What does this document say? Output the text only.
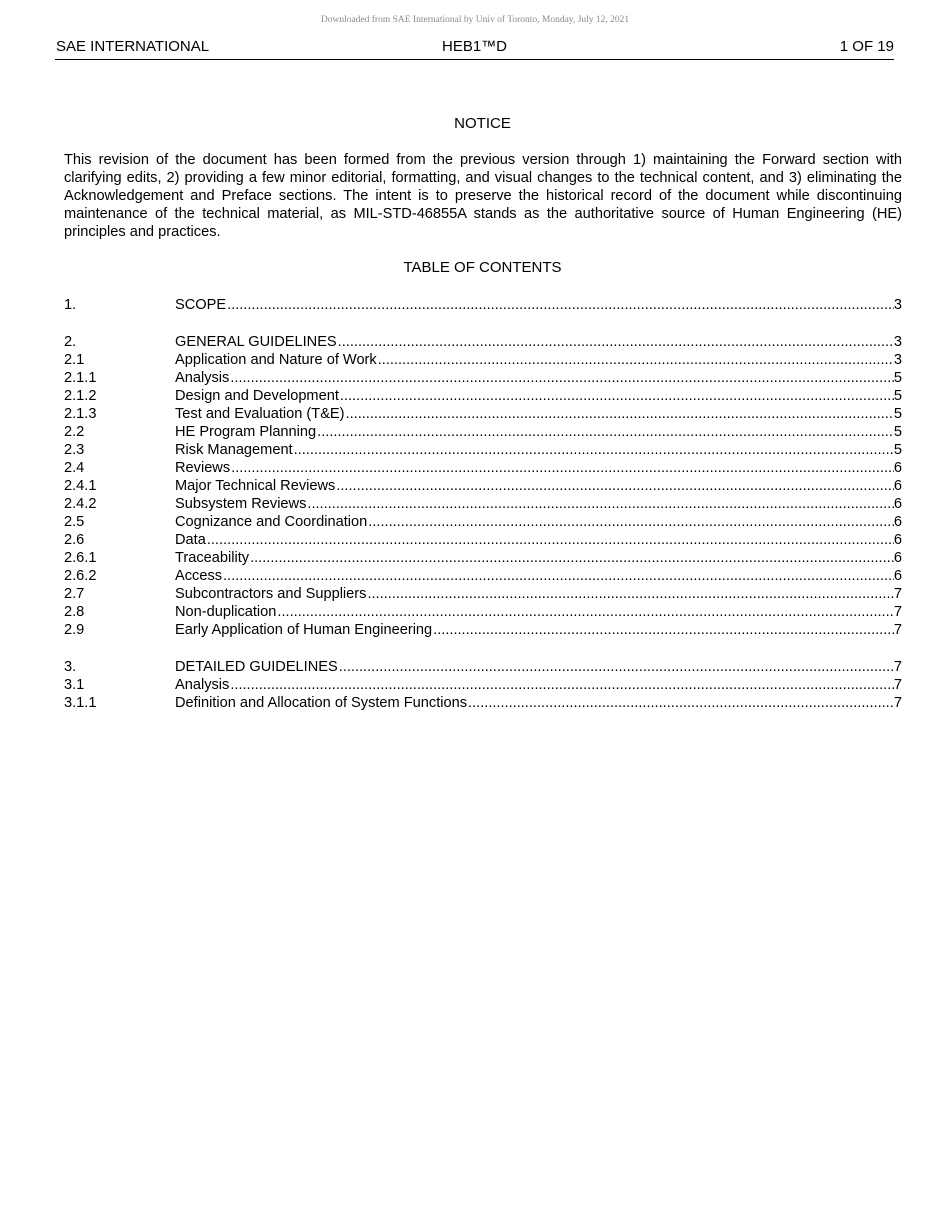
Downloaded from SAE International by Univ of Toronto, Monday, July 12, 2021
SAE INTERNATIONAL	HEB1™D	1 OF 19
NOTICE
This revision of the document has been formed from the previous version through 1) maintaining the Forward section with clarifying edits, 2) providing a few minor editorial, formatting, and visual changes to the technical content, and 3) eliminating the Acknowledgement and Preface sections. The intent is to preserve the historical record of the document while discontinuing maintenance of the technical material, as MIL-STD-46855A stands as the authoritative source of Human Engineering (HE) principles and practices.
TABLE OF CONTENTS
1.	SCOPE .....	3
2.	GENERAL GUIDELINES .....	3
2.1	Application and Nature of Work .....	3
2.1.1	Analysis .....	5
2.1.2	Design and Development .....	5
2.1.3	Test and Evaluation (T&E) .....	5
2.2	HE Program Planning .....	5
2.3	Risk Management .....	5
2.4	Reviews .....	6
2.4.1	Major Technical Reviews .....	6
2.4.2	Subsystem Reviews .....	6
2.5	Cognizance and Coordination .....	6
2.6	Data .....	6
2.6.1	Traceability .....	6
2.6.2	Access .....	6
2.7	Subcontractors and Suppliers .....	7
2.8	Non-duplication .....	7
2.9	Early Application of Human Engineering .....	7
3.	DETAILED GUIDELINES .....	7
3.1	Analysis .....	7
3.1.1	Definition and Allocation of System Functions .....	7
